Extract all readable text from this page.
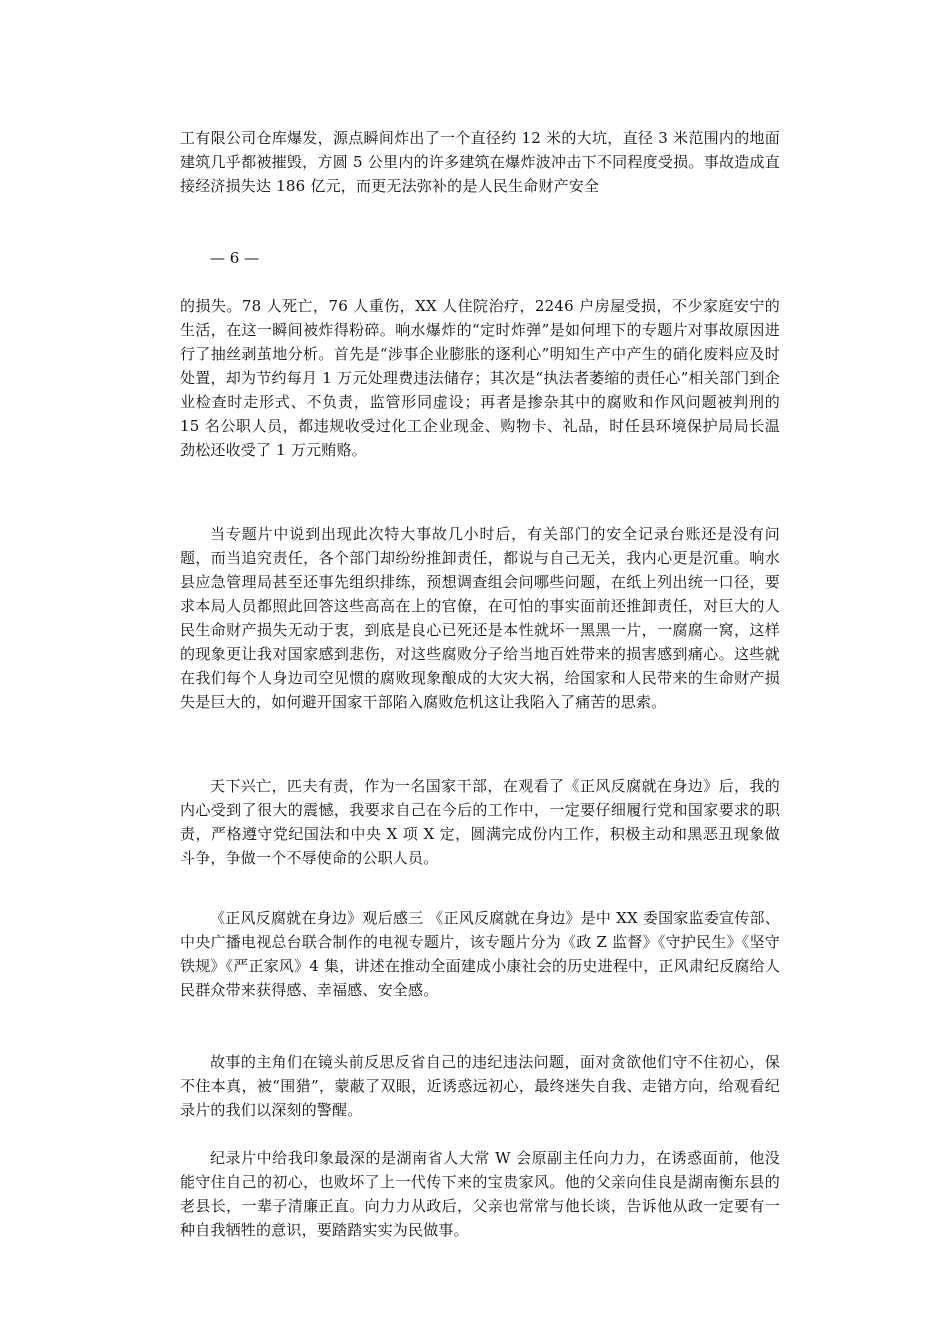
工有限公司仓库爆发，源点瞬间炸出了一个直径约 12 米的大坑，直径 3 米范围内的地面建筑几乎都被摧毁，方圆 5 公里内的许多建筑在爆炸波冲击下不同程度受损。事故造成直接经济损失达 186 亿元，而更无法弥补的是人民生命财产安全

— 6 —

的损失。78 人死亡，76 人重伤，XX 人住院治疗，2246 户房屋受损，不少家庭安宁的生活，在这一瞬间被炸得粉碎。响水爆炸的“定时炸弹”是如何埋下的专题片对事故原因进行了抽丝剥茧地分析。首先是“涉事企业膨胀的逐利心”明知生产中产生的硝化废料应及时处置，却为节约每月 1 万元处理费违法储存；其次是“执法者萎缩的责任心”相关部门到企业检查时走形式、不负责，监管形同虚设；再者是掺杂其中的腐败和作风问题被判刑的 15 名公职人员，都违规收受过化工企业现金、购物卡、礼品，时任县环境保护局局长温劲松还收受了 1 万元贿赂。

当专题片中说到出现此次特大事故几小时后，有关部门的安全记录台账还是没有问题，而当追究责任，各个部门却纷纷推卸责任，都说与自己无关，我内心更是沉重。响水县应急管理局甚至还事先组织排练，预想调查组会问哪些问题，在纸上列出统一口径，要求本局人员都照此回答这些高高在上的官僚，在可怕的事实面前还推卸责任，对巨大的人民生命财产损失无动于衷，到底是良心已死还是本性就坏一黑黑一片，一腐腐一窝，这样的现象更让我对国家感到悲伤，对这些腐败分子给当地百姓带来的损害感到痛心。这些就在我们每个人身边司空见惯的腐败现象酿成的大灾大祸，给国家和人民带来的生命财产损失是巨大的，如何避开国家干部陷入腐败危机这让我陷入了痛苦的思索。

天下兴亡，匹夫有责，作为一名国家干部，在观看了《正风反腐就在身边》后，我的内心受到了很大的震憾，我要求自己在今后的工作中，一定要仔细履行党和国家要求的职责，严格遵守党纪国法和中央 X 项 X 定，圆满完成份内工作，积极主动和黑恶丑现象做斗争，争做一个不辱使命的公职人员。

《正风反腐就在身边》观后感三 《正风反腐就在身边》是中 XX 委国家监委宣传部、中央广播电视总台联合制作的电视专题片，该专题片分为《政 Z 监督》《守护民生》《坚守铁规》《严正家风》4 集，讲述在推动全面建成小康社会的历史进程中，正风肃纪反腐给人民群众带来获得感、幸福感、安全感。

故事的主角们在镜头前反思反省自己的违纪违法问题，面对贪欲他们守不住初心，保不住本真，被“围猎”，蒙蔽了双眼，近诱惑远初心，最终迷失自我、走错方向，给观看纪录片的我们以深刻的警醒。

纪录片中给我印象最深的是湖南省人大常 W 会原副主任向力力，在诱惑面前，他没能守住自己的初心，也败坏了上一代传下来的宝贵家风。他的父亲向佳良是湖南衡东县的老县长，一辈子清廉正直。向力力从政后，父亲也常常与他长谈，告诉他从政一定要有一种自我牺牲的意识，要踏踏实实为民做事。
